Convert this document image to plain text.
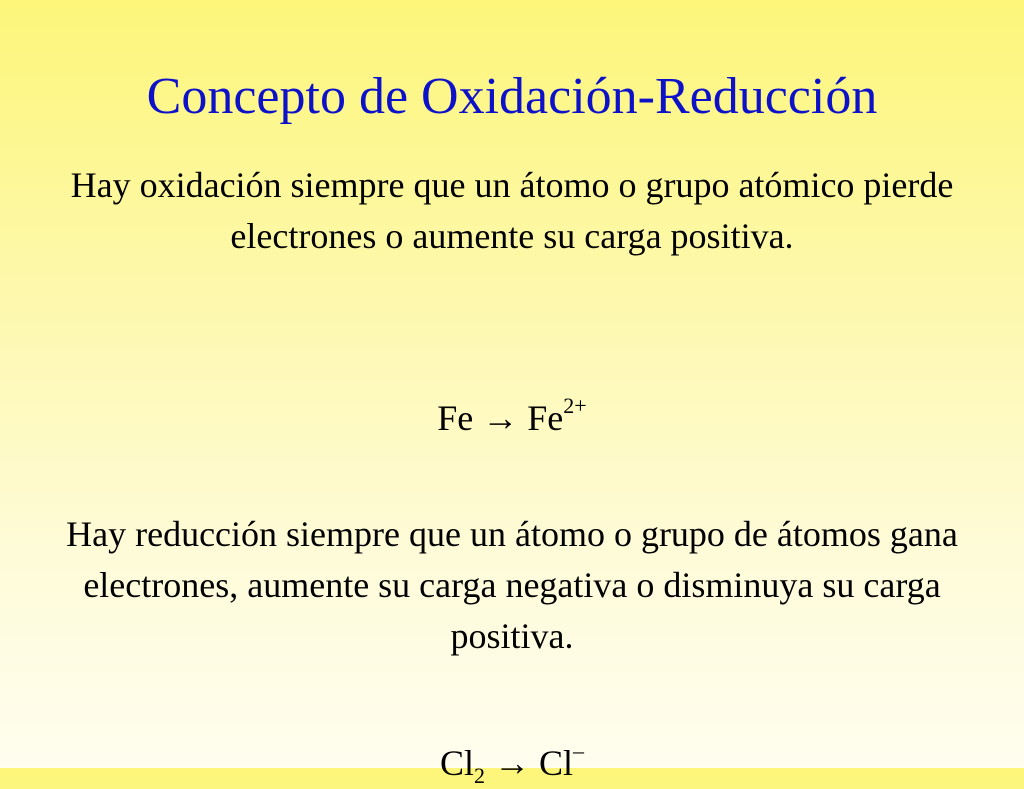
Concepto de Oxidación-Reducción

Hay oxidación siempre que un átomo o grupo atómico pierde electrones o aumente su carga positiva.

$Fe \to Fe^{2+}$

Hay reducción siempre que un átomo o grupo de átomos gana electrones, aumente su carga negativa o disminuya su carga positiva.

$Cl_2 \to Cl^-$
